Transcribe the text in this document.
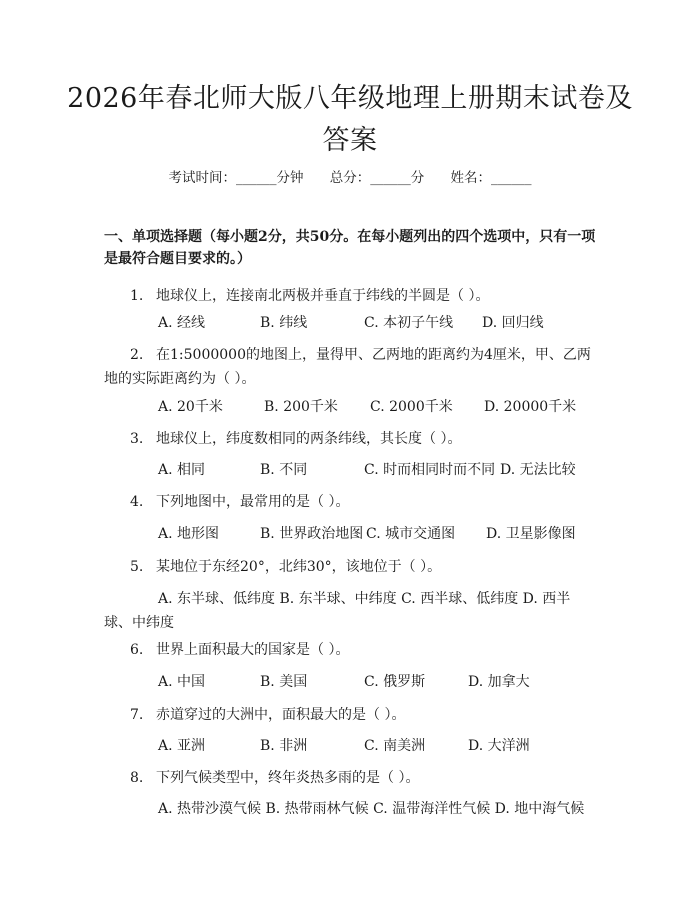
2026年春北师大版八年级地理上册期末试卷及答案
考试时间：______分钟 总分：______分 姓名：______

一、单项选择题（每小题2分，共50分。在每小题列出的四个选项中，只有一项是最符合题目要求的。）

1. 地球仪上，连接南北两极并垂直于纬线的半圆是（ ）。
A. 经线	B. 纬线	C. 本初子午线 D. 回归线
2. 在1:5000000的地图上，量得甲、乙两地的距离约为4厘米，甲、乙两地的实际距离约为（ ）。
A. 20千米	B. 200千米 C. 2000千米 D. 20000千米
3. 地球仪上，纬度数相同的两条纬线，其长度（ ）。
A. 相同	B. 不同	C. 时而相同时而不同 D. 无法比较
4. 下列地图中，最常用的是（ ）。
A. 地形图	B. 世界政治地图 C. 城市交通图 D. 卫星影像图
5. 某地位于东经20°，北纬30°，该地位于（ ）。
A. 东半球、低纬度 B. 东半球、中纬度 C. 西半球、低纬度 D. 西半球、中纬度
6. 世界上面积最大的国家是（ ）。
A. 中国	B. 美国	C. 俄罗斯	D. 加拿大
7. 赤道穿过的大洲中，面积最大的是（ ）。
A. 亚洲	B. 非洲	C. 南美洲	D. 大洋洲
8. 下列气候类型中，终年炎热多雨的是（ ）。
A. 热带沙漠气候 B. 热带雨林气候 C. 温带海洋性气候 D. 地中海气候
